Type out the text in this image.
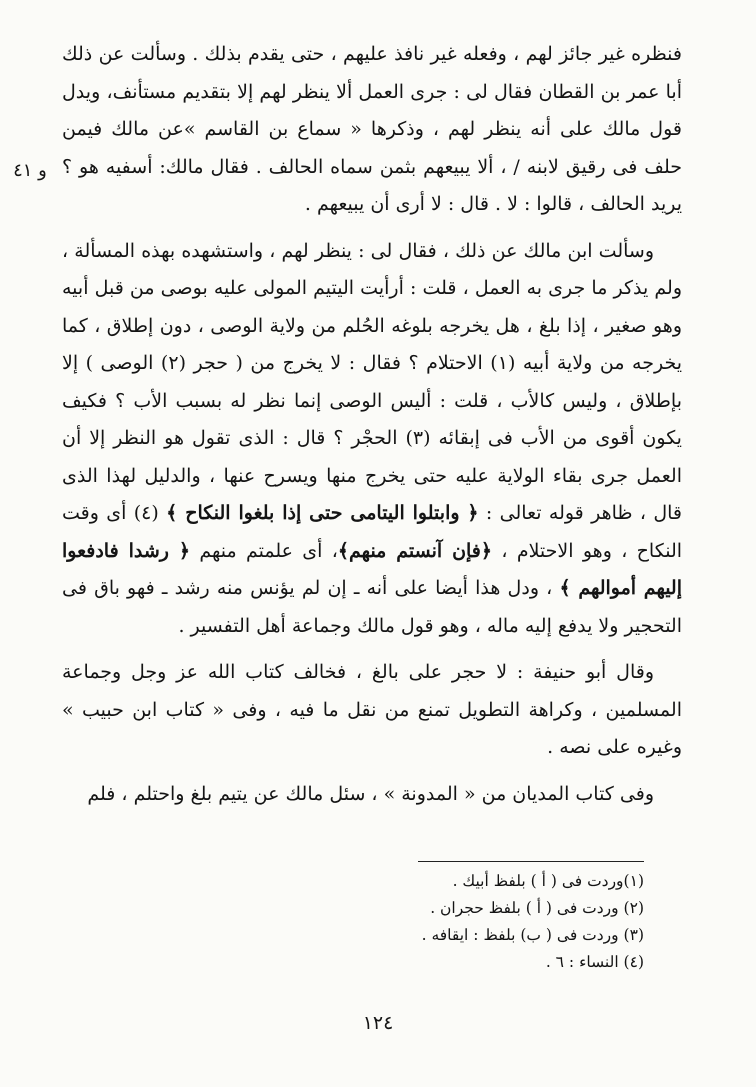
و ٤١

فنظره غير جائز لهم ، وفعله غير نافذ عليهم ، حتى يقدم بذلك . وسألت عن ذلك أبا عمر بن القطان فقال لى : جرى العمل ألا ينظر لهم إلا بتقديم مستأنف، ويدل قول مالك على أنه ينظر لهم ، وذكرها « سماع بن القاسم »عن مالك فيمن حلف فى رقيق لابنه / ، ألا يبيعهم بثمن سماه الحالف . فقال مالك: أسفيه هو ؟ يريد الحالف ، قالوا : لا . قال : لا أرى أن يبيعهم .

وسألت ابن مالك عن ذلك ، فقال لى : ينظر لهم ، واستشهده بهذه المسألة ، ولم يذكر ما جرى به العمل ، قلت : أرأيت اليتيم المولى عليه بوصى من قبل أبيه وهو صغير ، إذا بلغ ، هل يخرجه بلوغه الحُلم من ولاية الوصى ، دون إطلاق ، كما يخرجه من ولاية أبيه (١) الاحتلام ؟ فقال : لا يخرج من ( حجر (٢) الوصى ) إلا بإطلاق ، وليس كالأب ، قلت : أليس الوصى إنما نظر له بسبب الأب ؟ فكيف يكون أقوى من الأب فى إبقائه (٣) الحجْر ؟ قال : الذى تقول هو النظر إلا أن العمل جرى بقاء الولاية عليه حتى يخرج منها ويسرح عنها ، والدليل لهذا الذى قال ، ظاهر قوله تعالى : ﴿ وابتلوا اليتامى حتى إذا بلغوا النكاح ﴾ (٤) أى وقت النكاح ، وهو الاحتلام ، ﴿فإن آنستم منهم﴾، أى علمتم منهم ﴿ رشدا فادفعوا إليهم أموالهم ﴾ ، ودل هذا أيضا على أنه ـ إن لم يؤنس منه رشد ـ فهو باق فى التحجير ولا يدفع إليه ماله ، وهو قول مالك وجماعة أهل التفسير .

وقال أبو حنيفة : لا حجر على بالغ ، فخالف كتاب الله عز وجل وجماعة المسلمين ، وكراهة التطويل تمنع من نقل ما فيه ، وفى « كتاب ابن حبيب » وغيره على نصه .

وفى كتاب المديان من « المدونة » ، سئل مالك عن يتيم بلغ واحتلم ، فلم

(١)وردت فى ( أ ) بلفظ أبيك .
(٢) وردت فى ( أ ) بلفظ حجران .
(٣) وردت فى ( ب) بلفظ : ايقافه .
(٤) النساء : ٦ .
١٢٤
